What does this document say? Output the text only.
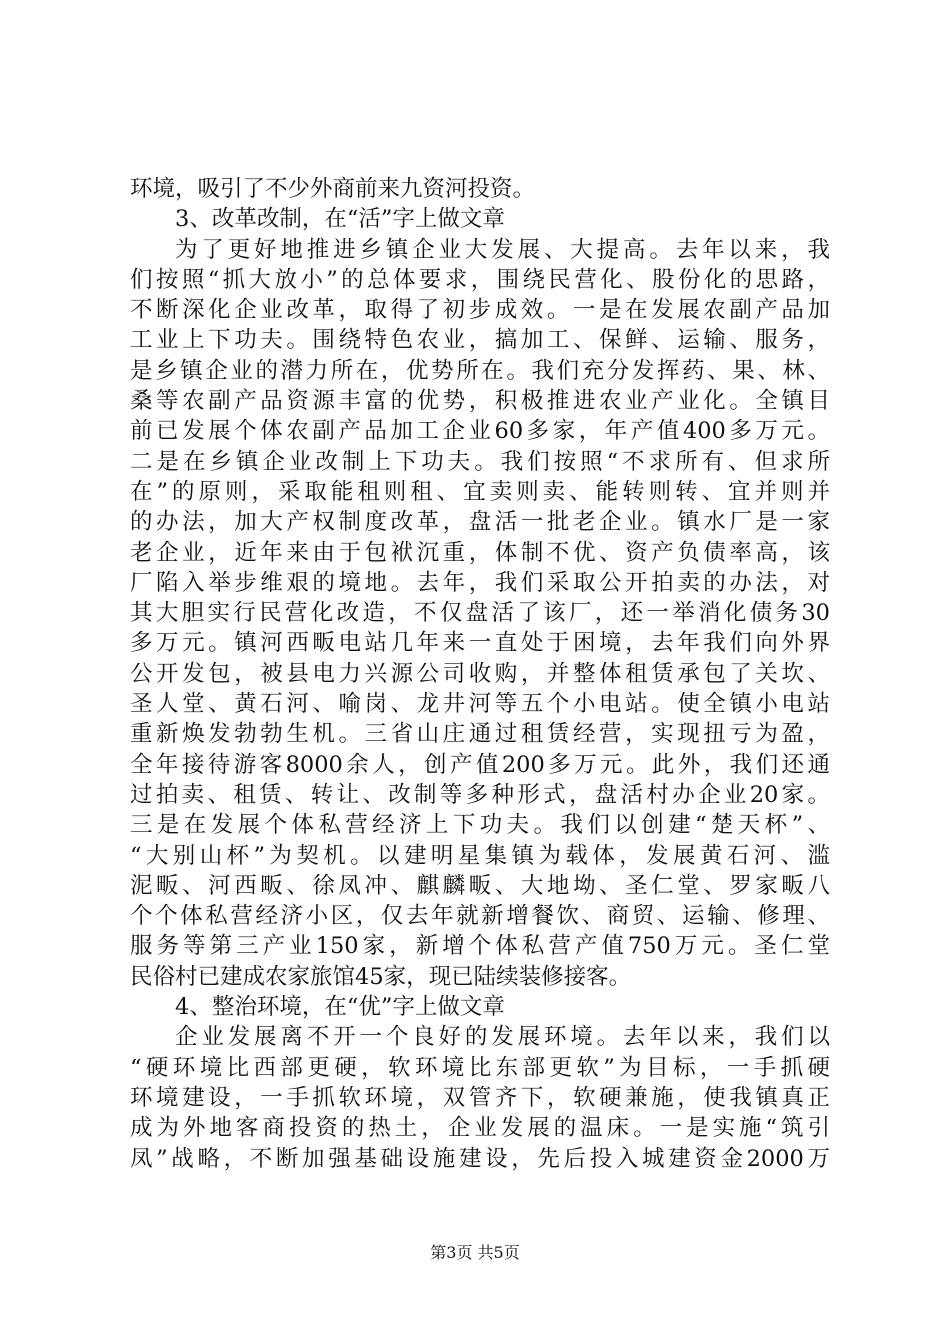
环境，吸引了不少外商前来九资河投资。
3、改革改制，在“活”字上做文章
为了更好地推进乡镇企业大发展、大提高。去年以来，我
们按照“抓大放小”的总体要求，围绕民营化、股份化的思路，
不断深化企业改革，取得了初步成效。一是在发展农副产品加
工业上下功夫。围绕特色农业，搞加工、保鲜、运输、服务，
是乡镇企业的潜力所在，优势所在。我们充分发挥药、果、林、
桑等农副产品资源丰富的优势，积极推进农业产业化。全镇目
前已发展个体农副产品加工企业60多家，年产值400多万元。
二是在乡镇企业改制上下功夫。我们按照“不求所有、但求所
在”的原则，采取能租则租、宜卖则卖、能转则转、宜并则并
的办法，加大产权制度改革，盘活一批老企业。镇水厂是一家
老企业，近年来由于包袱沉重，体制不优、资产负债率高，该
厂陷入举步维艰的境地。去年，我们采取公开拍卖的办法，对
其大胆实行民营化改造，不仅盘活了该厂，还一举消化债务30
多万元。镇河西畈电站几年来一直处于困境，去年我们向外界
公开发包，被县电力兴源公司收购，并整体租赁承包了关坎、
圣人堂、黄石河、喻岗、龙井河等五个小电站。使全镇小电站
重新焕发勃勃生机。三省山庄通过租赁经营，实现扭亏为盈，
全年接待游客8000余人，创产值200多万元。此外，我们还通
过拍卖、租赁、转让、改制等多种形式，盘活村办企业20家。
三是在发展个体私营经济上下功夫。我们以创建“楚天杯”、
“大别山杯”为契机。以建明星集镇为载体，发展黄石河、滥
泥畈、河西畈、徐凤冲、麒麟畈、大地坳、圣仁堂、罗家畈八
个个体私营经济小区，仅去年就新增餐饮、商贸、运输、修理、
服务等第三产业150家，新增个体私营产值750万元。圣仁堂
民俗村已建成农家旅馆45家，现已陆续装修接客。
4、整治环境，在“优”字上做文章
企业发展离不开一个良好的发展环境。去年以来，我们以
“硬环境比西部更硬，软环境比东部更软”为目标，一手抓硬
环境建设，一手抓软环境，双管齐下，软硬兼施，使我镇真正
成为外地客商投资的热土，企业发展的温床。一是实施“筑引
凤”战略，不断加强基础设施建设，先后投入城建资金2000万
第3页 共5页
